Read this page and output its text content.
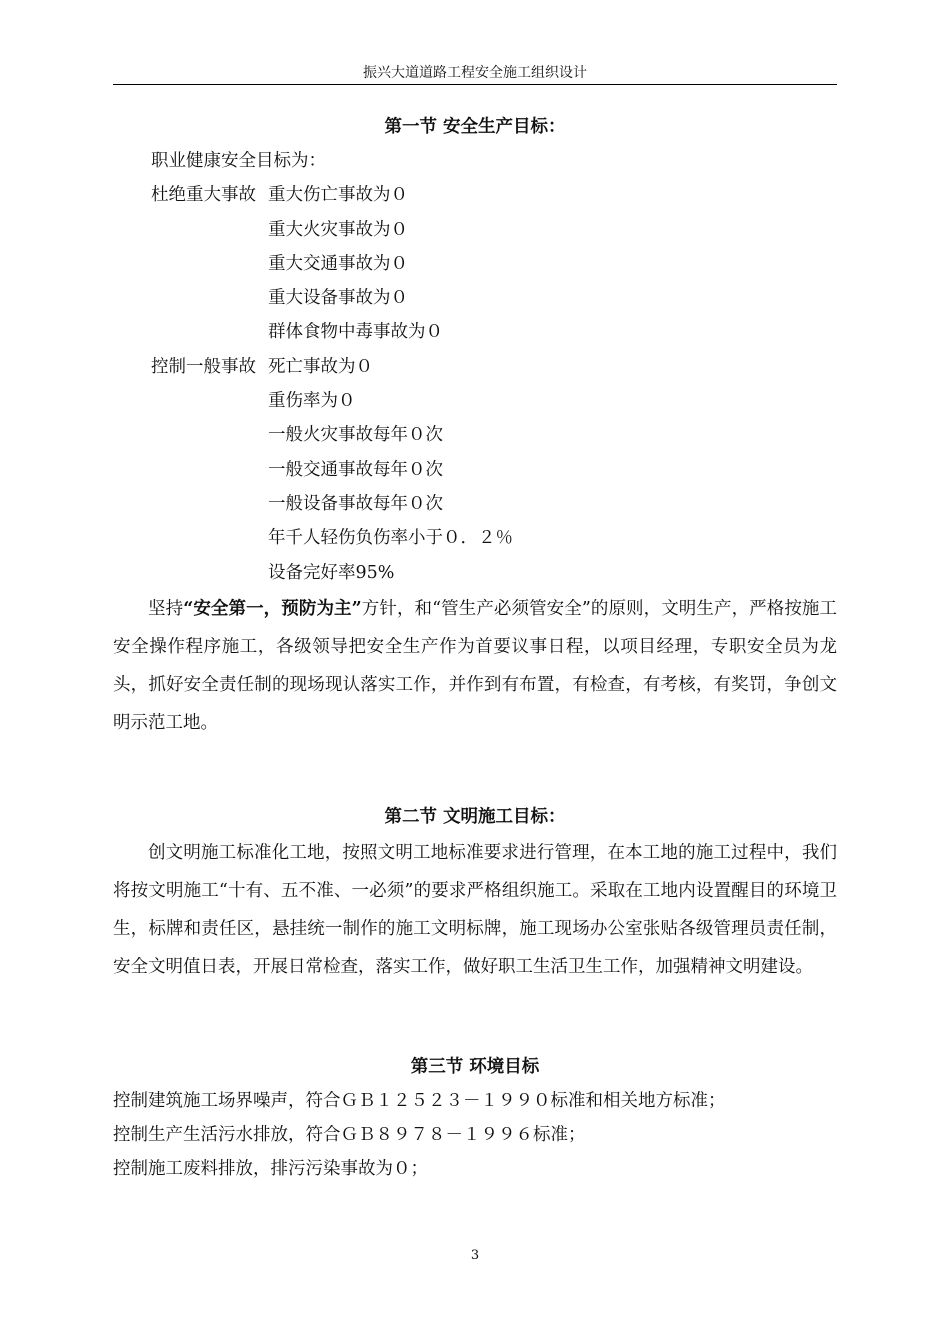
振兴大道道路工程安全施工组织设计
第一节 安全生产目标：
职业健康安全目标为：
杜绝重大事故 重大伤亡事故为０
重大火灾事故为０
重大交通事故为０
重大设备事故为０
群体食物中毒事故为０
控制一般事故 死亡事故为０
重伤率为０
一般火灾事故每年０次
一般交通事故每年０次
一般设备事故每年０次
年千人轻伤负伤率小于０．２％
设备完好率95%

坚持“安全第一，预防为主”方针，和“管生产必须管安全”的原则，文明生产，严格按施工安全操作程序施工，各级领导把安全生产作为首要议事日程，以项目经理，专职安全员为龙头，抓好安全责任制的现场现认落实工作，并作到有布置，有检查，有考核，有奖罚，争创文明示范工地。

第二节 文明施工目标：

创文明施工标准化工地，按照文明工地标准要求进行管理，在本工地的施工过程中，我们将按文明施工“十有、五不准、一必须”的要求严格组织施工。采取在工地内设置醒目的环境卫生，标牌和责任区，悬挂统一制作的施工文明标牌，施工现场办公室张贴各级管理员责任制，安全文明值日表，开展日常检查，落实工作，做好职工生活卫生工作，加强精神文明建设。

第三节 环境目标
控制建筑施工场界噪声，符合ＧＢ１２５２３－１９９０标准和相关地方标准；
控制生产生活污水排放，符合ＧＢ８９７８－１９９６标准；
控制施工废料排放，排污污染事故为０；
3
